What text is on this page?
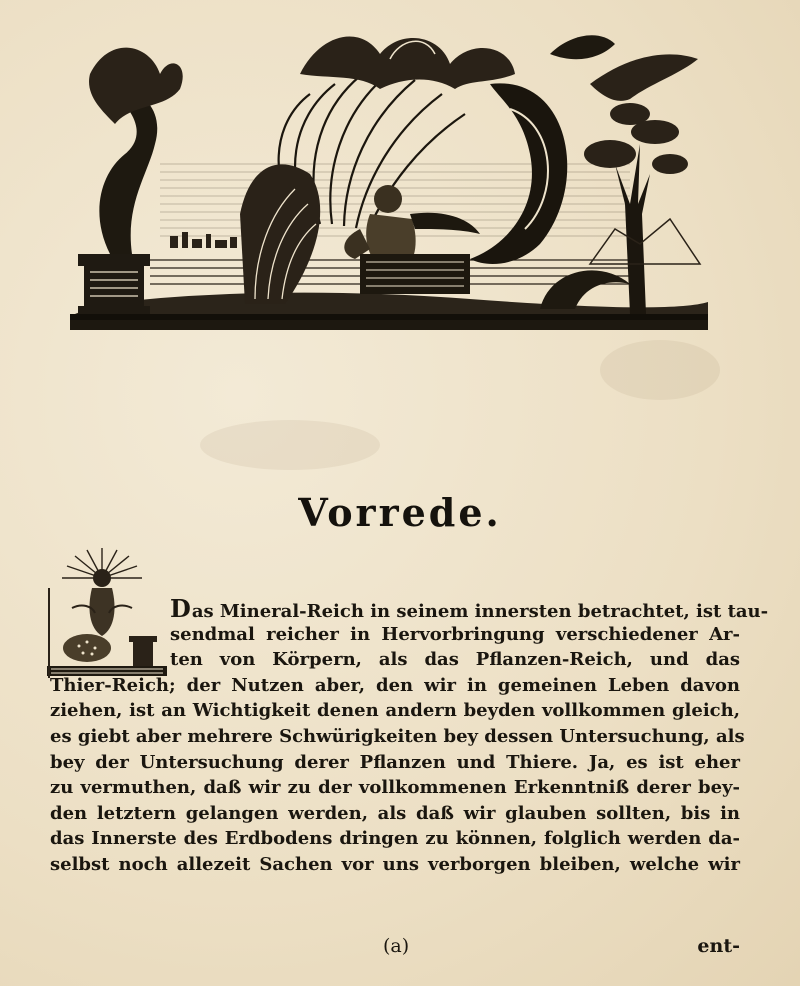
Vorrede.
Das Mineral-Reich in seinem innersten betrachtet, ist tau-
sendmal reicher in Hervorbringung verschiedener Ar-
ten von Körpern, als das Pflanzen-Reich, und das
Thier-Reich; der Nutzen aber, den wir in gemeinen Leben davon
ziehen, ist an Wichtigkeit denen andern beyden vollkommen gleich,
es giebt aber mehrere Schwürigkeiten bey dessen Untersuchung, als
bey der Untersuchung derer Pflanzen und Thiere. Ja, es ist eher
zu vermuthen, daß wir zu der vollkommenen Erkenntniß derer bey-
den letztern gelangen werden, als daß wir glauben sollten, bis in
das Innerste des Erdbodens dringen zu können, folglich werden da-
selbst noch allezeit Sachen vor uns verborgen bleiben, welche wir
(a)	ent-
